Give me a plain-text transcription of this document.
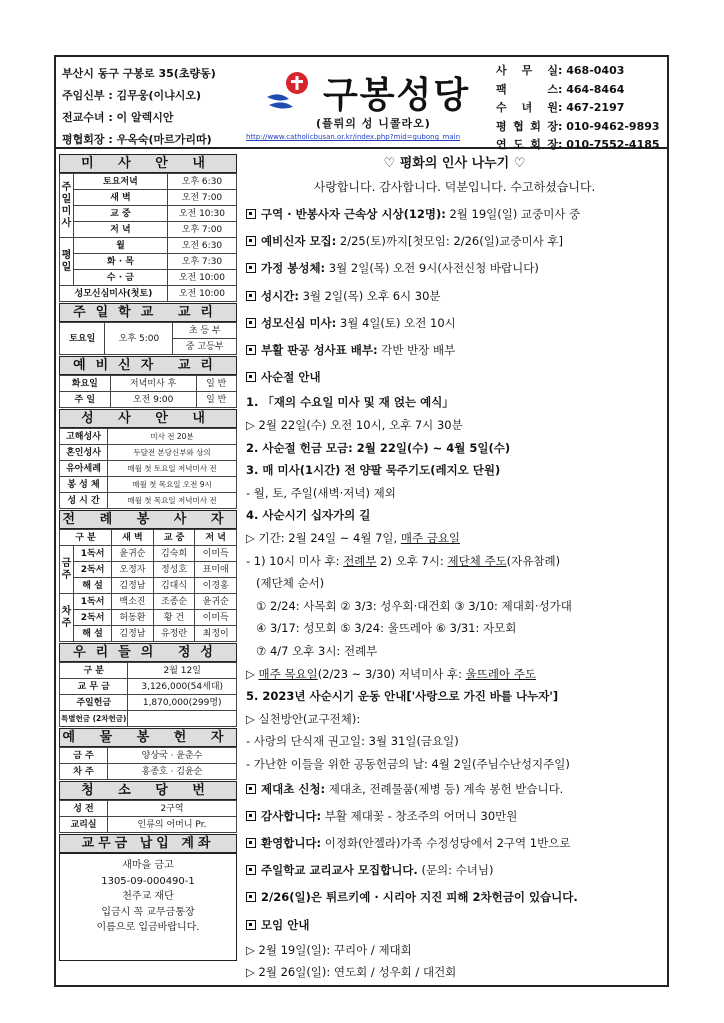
부산시 동구 구봉로 35(초량동)
주임신부 : 김무웅(이냐시오)
전교수녀 : 이 알렉시안
평협회장 : 우옥숙(마르가리따)
구봉성당
(플뤼의 성 니콜라오)
http://www.catholicbusan.or.kr/index.php?mid=gubong_main
사 무 실 : 468-0403
팩	스 : 464-8464
수 녀 원 : 467-2197
평 협 회 장 : 010-9462-9893
연 도 회 장 : 010-7552-4185
미 사 안 내
주
일
미
사	토요저녁	오후 6:30
	새 벽	오전 7:00
	교 중	오전 10:30
	저 녁	오후 7:00
평
일	월	오전 6:30
	화 · 목	오후 7:30
	수 · 금	오전 10:00
성모신심미사(첫토)		오전 10:00
주일학교 교리
토요일	오후 5:00	초 등 부
중 고등부
예비신자 교리
화요일	저녁미사 후	일 반
주 일	오전 9:00	일 반
성 사 안 내
고해성사	미사 전 20분
혼인성사	두달전 본당신부와 상의
유아세례	매월 첫 토요일 저녁미사 전
봉 성 체	매월 첫 목요일 오전 9시
성 시 간	매월 첫 목요일 저녁미사 전
전 례 봉 사 자
구 분		새 벽	교 중	저 녁
금
주	1독서	윤귀순	김숙희	이미득
	2독서	오정자	정성호	표미애
	해 설	김정남	김대식	이경홍
차
주	1독서	백소진	조종순	윤귀순
	2독서	허동환	황 건	이미득
	해 설	김정남	유정란	최정이
우리들의 정성
구 분	2월 12일
교 무 금	3,126,000(54세대)
주일헌금	1,870,000(299명)
특별헌금 (2차헌금)	
예 물 봉 헌 자
금 주	양상국 · 윤춘수
차 주	홍종호 · 김윤순
청 소 당 번
성 전	2구역
교리실	인류의 어머니 Pr.
교무금 납입 계좌
새마을 금고
1305-09-000490-1
천주교 재단
입금시 꼭 교무금통장
이름으로 입금바랍니다.
♡ 평화의 인사 나누기 ♡
사랑합니다. 감사합니다. 덕분입니다. 수고하셨습니다.
구역 · 반봉사자 근속상 시상(12명): 2월 19일(일) 교중미사 중
예비신자 모집: 2/25(토)까지[첫모임: 2/26(일)교중미사 후]
가정 봉성체: 3월 2일(목) 오전 9시(사전신청 바랍니다)
성시간: 3월 2일(목) 오후 6시 30분
성모신심 미사: 3월 4일(토) 오전 10시
부활 판공 성사표 배부: 각반 반장 배부
사순절 안내
1. 「재의 수요일 미사 및 재 얹는 예식」
▷ 2월 22일(수) 오전 10시, 오후 7시 30분
2. 사순절 헌금 모금: 2월 22일(수) ~ 4월 5일(수)
3. 매 미사(1시간) 전 양팔 묵주기도(레지오 단원)
- 월, 토, 주일(새벽·저녁) 제외
4. 사순시기 십자가의 길
▷ 기간: 2월 24일 ~ 4월 7일, 매주 금요일
- 1) 10시 미사 후: 전례부 2) 오후 7시: 제단체 주도(자유참례)
(제단체 순서)
① 2/24: 사목회 ② 3/3: 성우회·대건회 ③ 3/10: 제대회·성가대
④ 3/17: 성모회 ⑤ 3/24: 울뜨레아 ⑥ 3/31: 자모회
⑦ 4/7 오후 3시: 전례부
▷ 매주 목요일(2/23 ~ 3/30) 저녁미사 후: 울뜨레아 주도
5. 2023년 사순시기 운동 안내['사랑으로 가진 바를 나누자']
▷ 실천방안(교구전체):
- 사랑의 단식재 권고일: 3월 31일(금요일)
- 가난한 이들을 위한 공동헌금의 날: 4월 2일(주님수난성지주일)
제대초 신청: 제대초, 전례물품(제병 등) 계속 봉헌 받습니다.
감사합니다: 부활 제대꽃 - 창조주의 어머니 30만원
환영합니다: 이정화(안젤라)가족 수정성당에서 2구역 1반으로
주일학교 교리교사 모집합니다. (문의: 수녀님)
2/26(일)은 튀르키예 · 시리아 지진 피해 2차헌금이 있습니다.
모임 안내
▷ 2월 19일(일): 꾸리아 / 제대회
▷ 2월 26일(일): 연도회 / 성우회 / 대건회
